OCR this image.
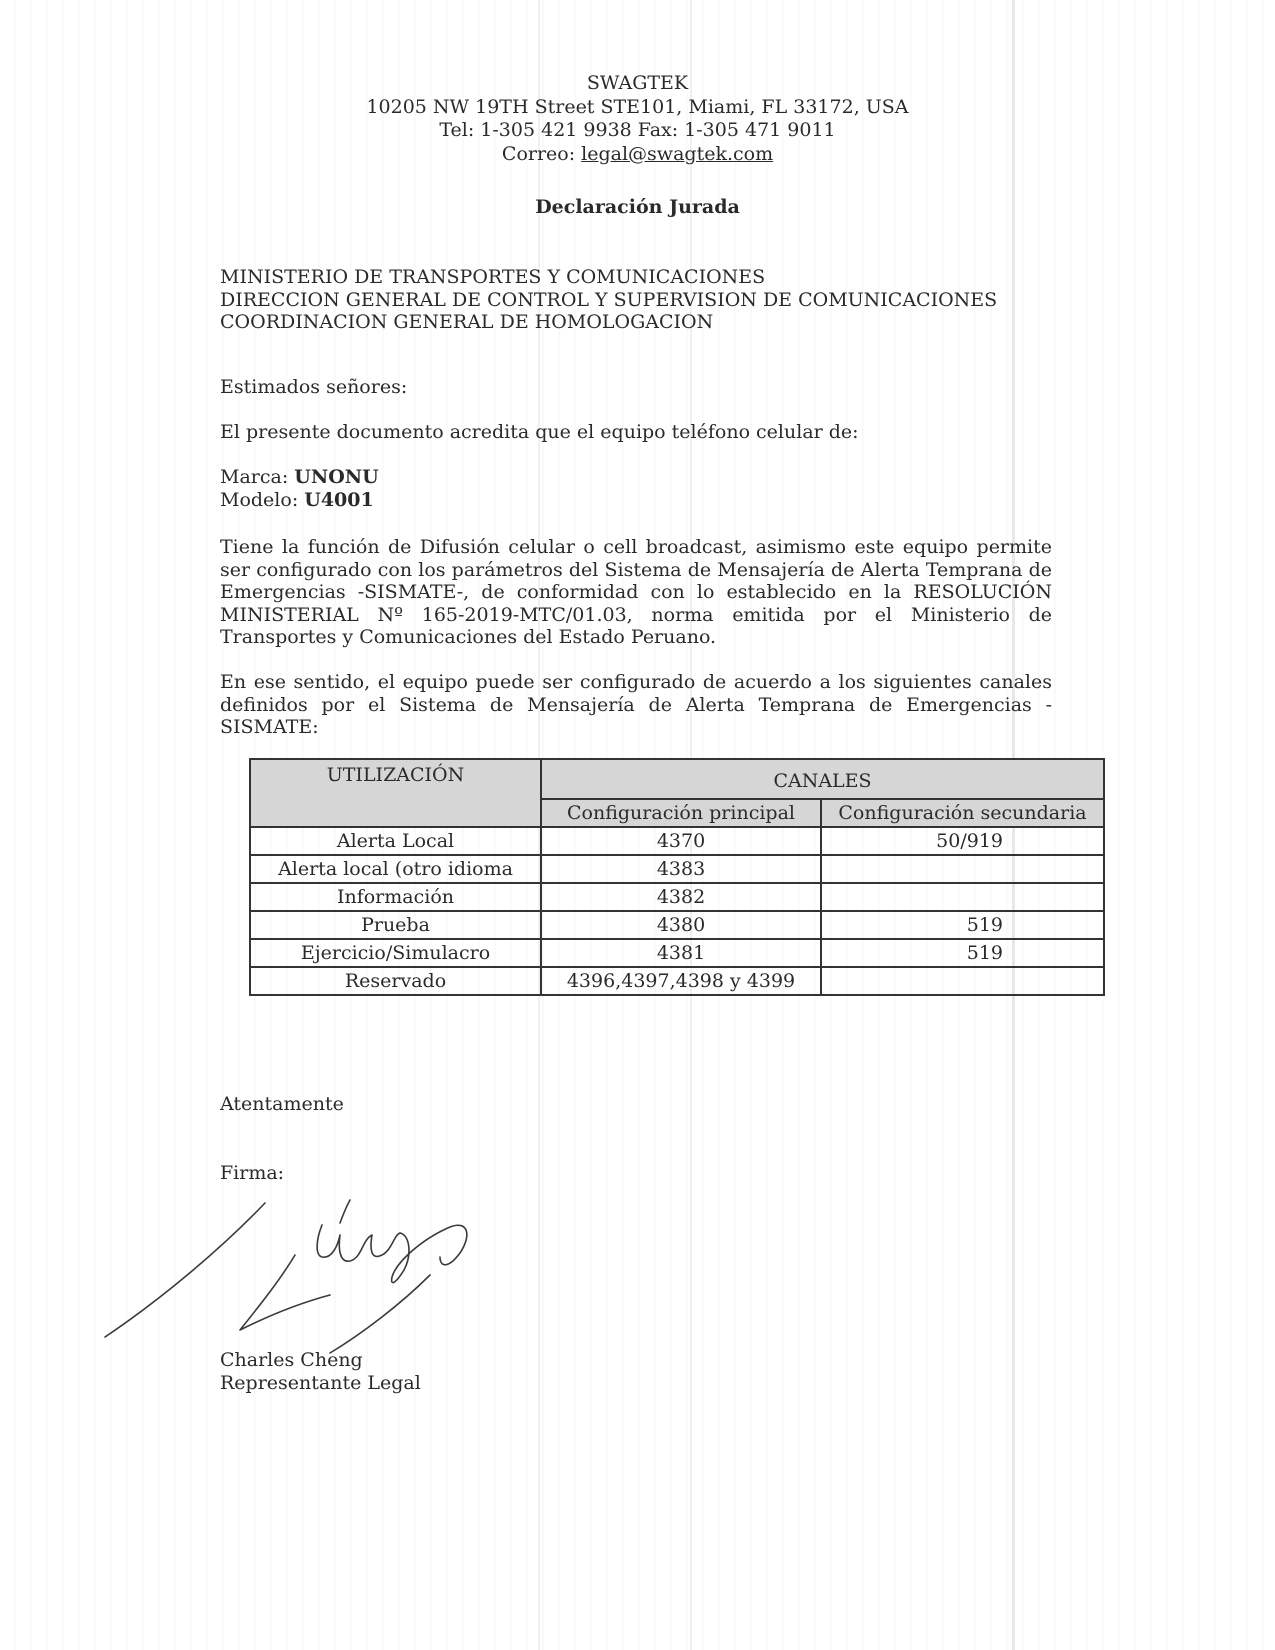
SWAGTEK
10205 NW 19TH Street STE101, Miami, FL 33172, USA
Tel: 1-305 421 9938 Fax: 1-305 471 9011
Correo: legal@swagtek.com
Declaración Jurada
MINISTERIO DE TRANSPORTES Y COMUNICACIONES
DIRECCION GENERAL DE CONTROL Y SUPERVISION DE COMUNICACIONES
COORDINACION GENERAL DE HOMOLOGACION
Estimados señores:
El presente documento acredita que el equipo teléfono celular de:
Marca: UNONU
Modelo: U4001
Tiene la función de Difusión celular o cell broadcast, asimismo este equipo permite ser configurado con los parámetros del Sistema de Mensajería de Alerta Temprana de Emergencias -SISMATE-, de conformidad con lo establecido en la RESOLUCIÓN MINISTERIAL Nº 165-2019-MTC/01.03, norma emitida por el Ministerio de Transportes y Comunicaciones del Estado Peruano.
En ese sentido, el equipo puede ser configurado de acuerdo a los siguientes canales definidos por el Sistema de Mensajería de Alerta Temprana de Emergencias -SISMATE:
UTILIZACIÓN	CANALES	
	Configuración principal	Configuración secundaria
Alerta Local	4370	50/919
Alerta local (otro idioma	4383	
Información	4382	
Prueba	4380	519
Ejercicio/Simulacro	4381	519
Reservado	4396,4397,4398 y 4399	
Atentamente
Firma:
Charles Cheng
Representante Legal
